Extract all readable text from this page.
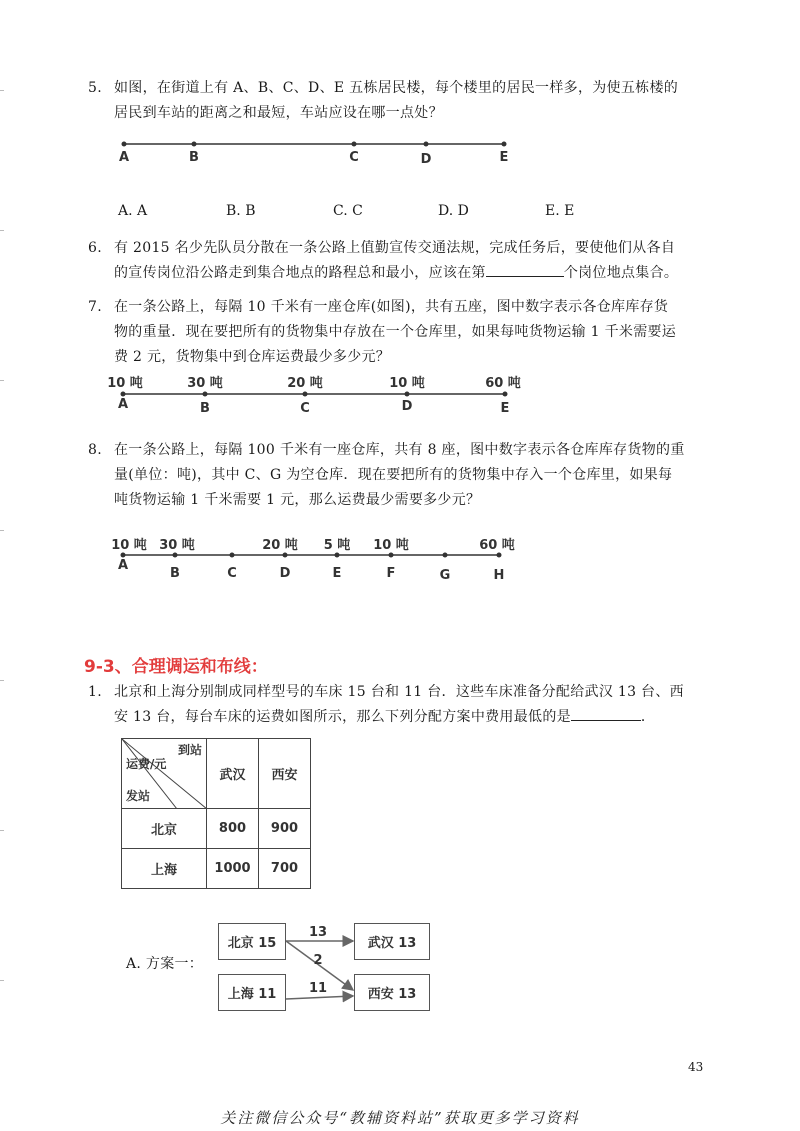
5. 如图，在街道上有 A、B、C、D、E 五栋居民楼，每个楼里的居民一样多，为使五栋楼的
居民到车站的距离之和最短，车站应设在哪一点处？
A	B	C	D	E
A. A	B. B	C. C	D. D	E. E
6. 有 2015 名少先队员分散在一条公路上值勤宣传交通法规，完成任务后，要使他们从各自
的宣传岗位沿公路走到集合地点的路程总和最小，应该在第	个岗位地点集合。
7. 在一条公路上，每隔 10 千米有一座仓库(如图)，共有五座，图中数字表示各仓库库存货
物的重量．现在要把所有的货物集中存放在一个仓库里，如果每吨货物运输 1 千米需要运
费 2 元，货物集中到仓库运费最少多少元？
10 吨
A
30 吨
B
20 吨
C
10 吨
D
60 吨
E
8. 在一条公路上，每隔 100 千米有一座仓库，共有 8 座，图中数字表示各仓库库存货物的重
量(单位：吨)，其中 C、G 为空仓库．现在要把所有的货物集中存入一个仓库里，如果每
吨货物运输 1 千米需要 1 元，那么运费最少需要多少元？
10 吨
A
30 吨
B	C
20 吨
D
5 吨
E
10 吨
F	G
60 吨
H
9-3、合理调运和布线：
1. 北京和上海分别制成同样型号的车床 15 台和 11 台．这些车床准备分配给武汉 13 台、西
安 13 台，每台车床的运费如图所示，那么下列分配方案中费用最低的是	．
到站
运费/元
发站	武汉	西安
北京	800	900
上海	1000	700
A. 方案一：
北京 15
上海 11
武汉 13
西安 13
13
2
11
43
关注微信公众号“教辅资料站”获取更多学习资料
